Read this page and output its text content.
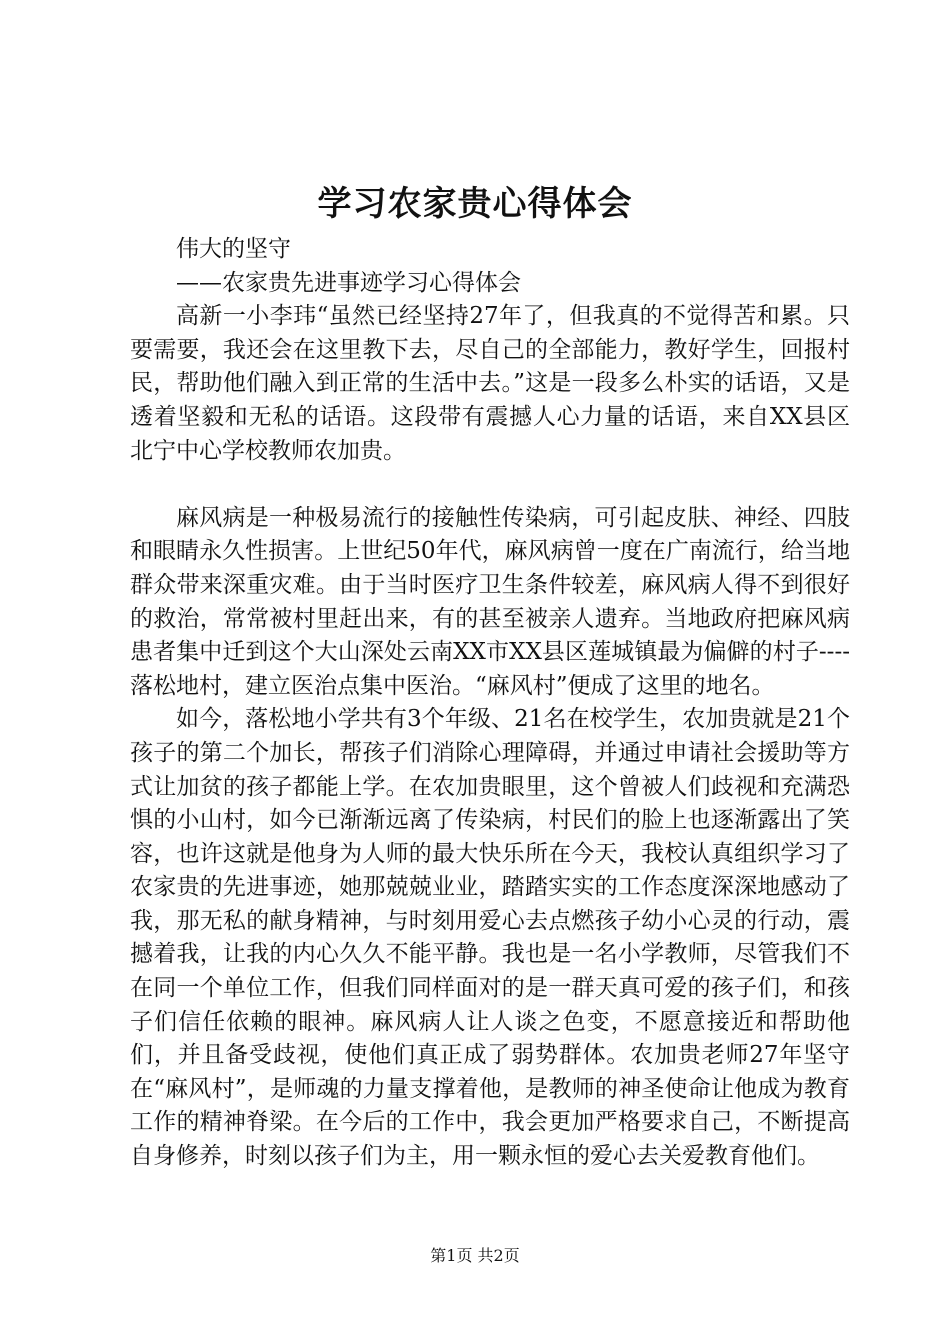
学习农家贵心得体会

伟大的坚守

——农家贵先进事迹学习心得体会

高新一小李玮“虽然已经坚持27年了，但我真的不觉得苦和累。只要需要，我还会在这里教下去，尽自己的全部能力，教好学生，回报村民，帮助他们融入到正常的生活中去。”这是一段多么朴实的话语，又是透着坚毅和无私的话语。这段带有震撼人心力量的话语，来自XX县区北宁中心学校教师农加贵。

麻风病是一种极易流行的接触性传染病，可引起皮肤、神经、四肢和眼睛永久性损害。上世纪50年代，麻风病曾一度在广南流行，给当地群众带来深重灾难。由于当时医疗卫生条件较差，麻风病人得不到很好的救治，常常被村里赶出来，有的甚至被亲人遗弃。当地政府把麻风病患者集中迁到这个大山深处云南XX市XX县区莲城镇最为偏僻的村子----落松地村，建立医治点集中医治。“麻风村”便成了这里的地名。

如今，落松地小学共有3个年级、21名在校学生，农加贵就是21个孩子的第二个加长，帮孩子们消除心理障碍，并通过申请社会援助等方式让加贫的孩子都能上学。在农加贵眼里，这个曾被人们歧视和充满恐惧的小山村，如今已渐渐远离了传染病，村民们的脸上也逐渐露出了笑容，也许这就是他身为人师的最大快乐所在今天，我校认真组织学习了农家贵的先进事迹，她那兢兢业业，踏踏实实的工作态度深深地感动了我，那无私的献身精神，与时刻用爱心去点燃孩子幼小心灵的行动，震撼着我，让我的内心久久不能平静。我也是一名小学教师，尽管我们不在同一个单位工作，但我们同样面对的是一群天真可爱的孩子们，和孩子们信任依赖的眼神。麻风病人让人谈之色变，不愿意接近和帮助他们，并且备受歧视，使他们真正成了弱势群体。农加贵老师27年坚守在“麻风村”，是师魂的力量支撑着他，是教师的神圣使命让他成为教育工作的精神脊梁。在今后的工作中，我会更加严格要求自己，不断提高自身修养，时刻以孩子们为主，用一颗永恒的爱心去关爱教育他们。

第1页 共2页
